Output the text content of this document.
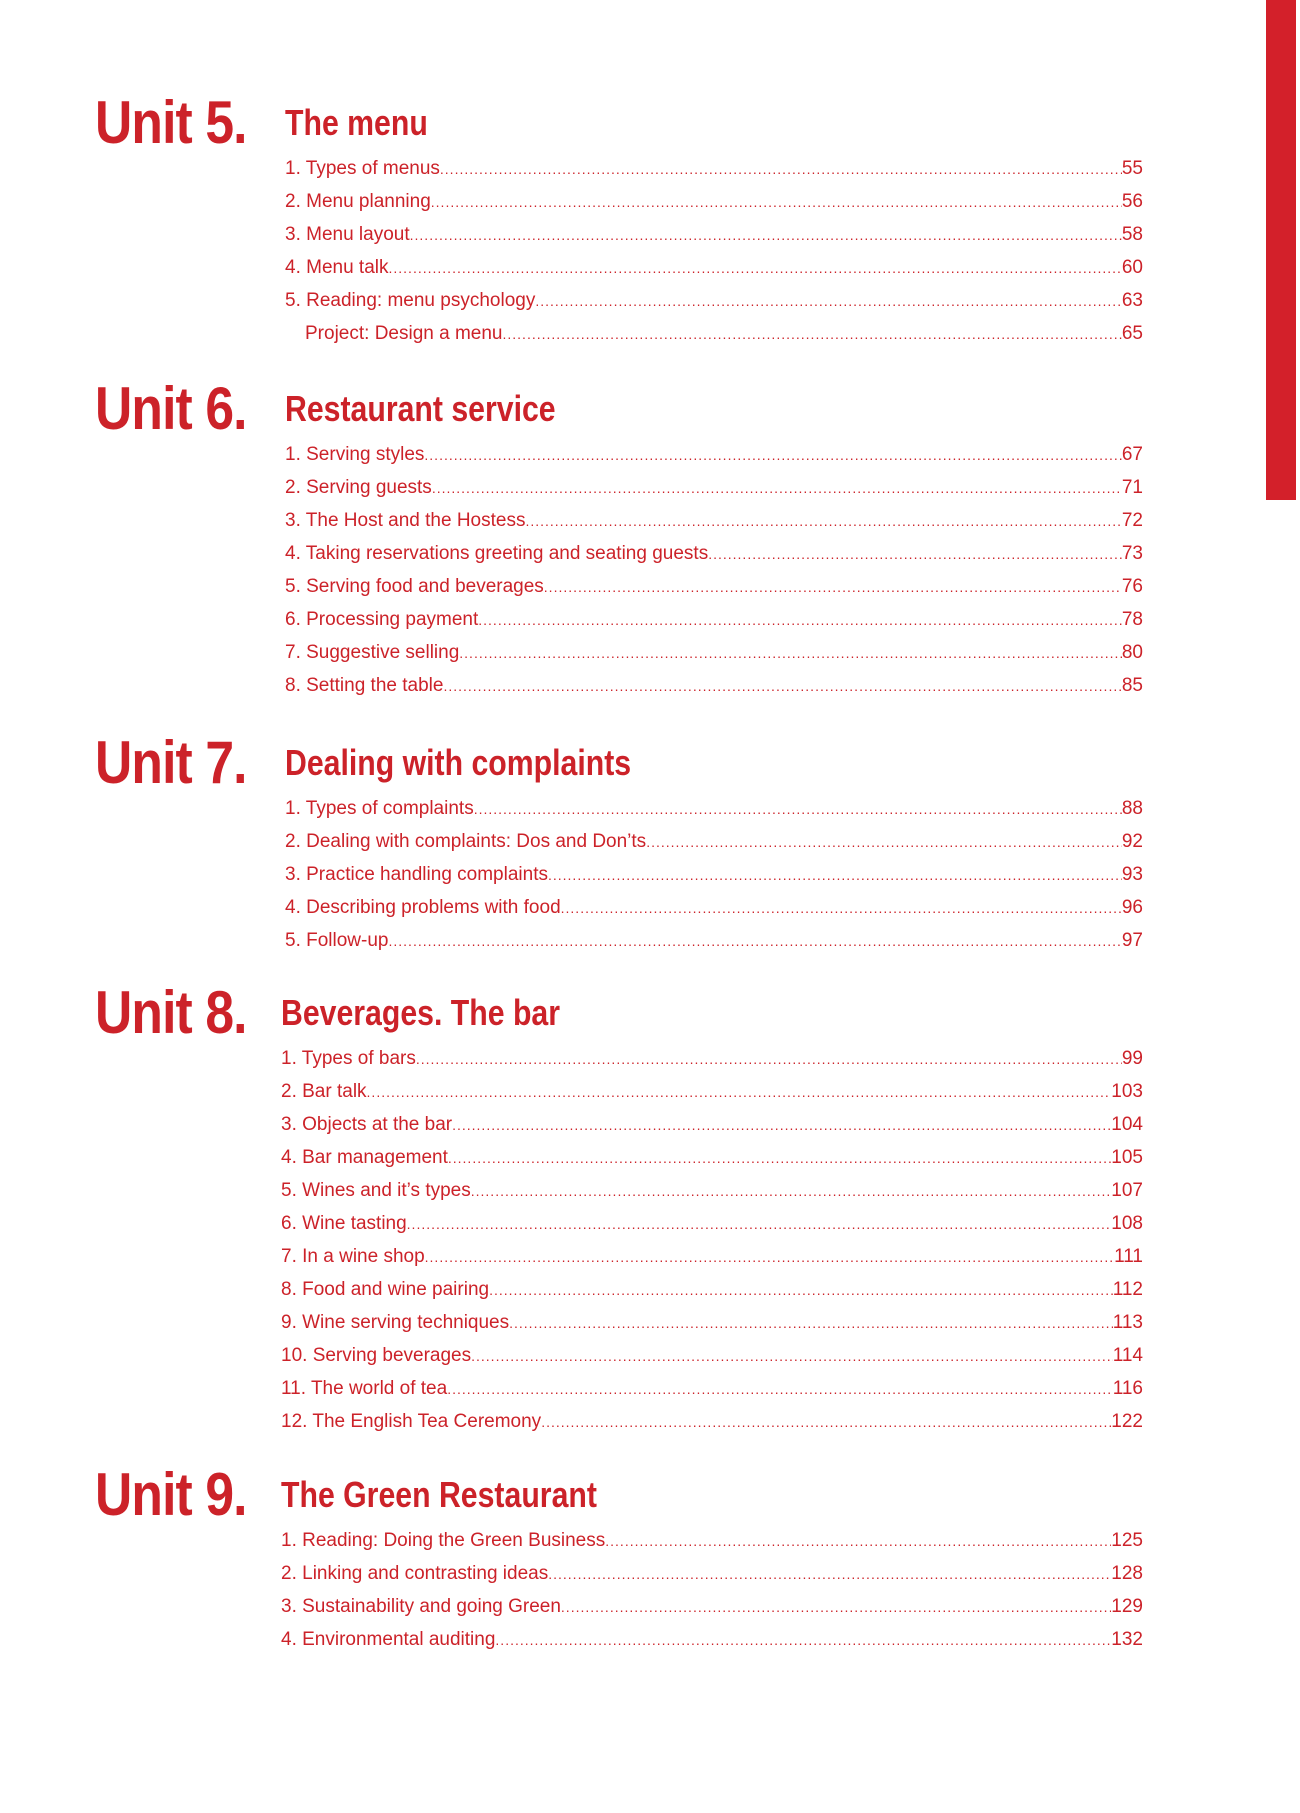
Unit 5. The menu
1. Types of menus .....	55
2. Menu planning .....	56
3. Menu layout .....	58
4. Menu talk .....	60
5. Reading: menu psychology .....	63
Project: Design a menu .....	65
Unit 6. Restaurant service
1. Serving styles .....	67
2. Serving guests .....	71
3. The Host and the Hostess .....	72
4. Taking reservations greeting and seating guests .....	73
5. Serving food and beverages .....	76
6. Processing payment .....	78
7. Suggestive selling .....	80
8. Setting the table .....	85
Unit 7. Dealing with complaints
1. Types of complaints .....	88
2. Dealing with complaints: Dos and Don’ts .....	92
3. Practice handling complaints .....	93
4. Describing problems with food .....	96
5. Follow-up .....	97
Unit 8. Beverages. The bar
1. Types of bars .....	99
2. Bar talk .....	103
3. Objects at the bar .....	104
4. Bar management .....	105
5. Wines and it’s types .....	107
6. Wine tasting .....	108
7. In a wine shop .....	111
8. Food and wine pairing .....	112
9. Wine serving techniques .....	113
10. Serving beverages .....	114
11. The world of tea .....	116
12. The English Tea Ceremony .....	122
Unit 9. The Green Restaurant
1. Reading: Doing the Green Business .....	125
2. Linking and contrasting ideas .....	128
3. Sustainability and going Green .....	129
4. Environmental auditing .....	132
